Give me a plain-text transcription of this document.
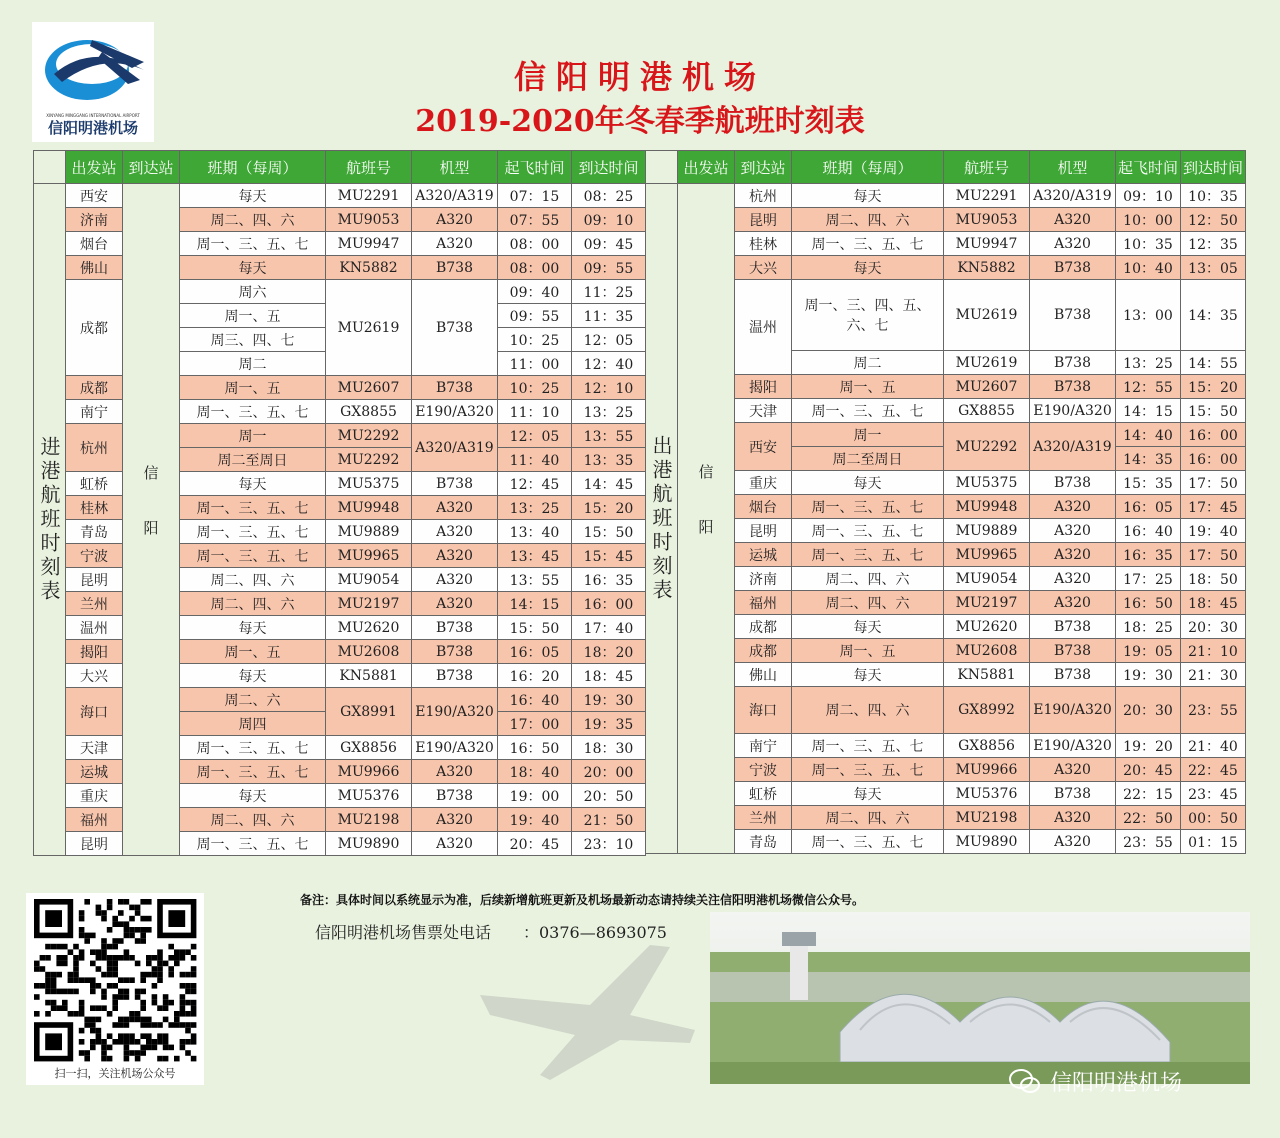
XINYANG MINGGANG INTERNATIONAL AIRPORT
信阳明港机场
信阳明港机场
2019-2020年冬春季航班时刻表
	出发站	到达站	班期（每周）	航班号	机型	起飞时间	到达时间
进港航班时刻表	西安	信阳	每天	MU2291	A320/A319	07：15	08：25
	济南		周二、四、六	MU9053	A320	07：55	09：10
	烟台		周一、三、五、七	MU9947	A320	08：00	09：45
	佛山		每天	KN5882	B738	08：00	09：55
	成都		周六	MU2619	B738	09：40	11：25
			周一、五			09：55	11：35
			周三、四、七			10：25	12：05
			周二			11：00	12：40
	成都		周一、五	MU2607	B738	10：25	12：10
	南宁		周一、三、五、七	GX8855	E190/A320	11：10	13：25
	杭州		周一	MU2292	A320/A319	12：05	13：55
			周二至周日	MU2292		11：40	13：35
	虹桥		每天	MU5375	B738	12：45	14：45
	桂林		周一、三、五、七	MU9948	A320	13：25	15：20
	青岛		周一、三、五、七	MU9889	A320	13：40	15：50
	宁波		周一、三、五、七	MU9965	A320	13：45	15：45
	昆明		周二、四、六	MU9054	A320	13：55	16：35
	兰州		周二、四、六	MU2197	A320	14：15	16：00
	温州		每天	MU2620	B738	15：50	17：40
	揭阳		周一、五	MU2608	B738	16：05	18：20
	大兴		每天	KN5881	B738	16：20	18：45
	海口		周二、六	GX8991	E190/A320	16：40	19：30
			周四			17：00	19：35
	天津		周一、三、五、七	GX8856	E190/A320	16：50	18：30
	运城		周一、三、五、七	MU9966	A320	18：40	20：00
	重庆		每天	MU5376	B738	19：00	20：50
	福州		周二、四、六	MU2198	A320	19：40	21：50
	昆明		周一、三、五、七	MU9890	A320	20：45	23：10
	出发站	到达站	班期（每周）	航班号	机型	起飞时间	到达时间
出港航班时刻表	信阳	杭州	每天	MU2291	A320/A319	09：10	10：35
		昆明	周二、四、六	MU9053	A320	10：00	12：50
		桂林	周一、三、五、七	MU9947	A320	10：35	12：35
		大兴	每天	KN5882	B738	10：40	13：05
		温州	周一、三、四、五、六、七	MU2619	B738	13：00	14：35
			周二	MU2619	B738	13：25	14：55
		揭阳	周一、五	MU2607	B738	12：55	15：20
		天津	周一、三、五、七	GX8855	E190/A320	14：15	15：50
		西安	周一	MU2292	A320/A319	14：40	16：00
			周二至周日			14：35	16：00
		重庆	每天	MU5375	B738	15：35	17：50
		烟台	周一、三、五、七	MU9948	A320	16：05	17：45
		昆明	周一、三、五、七	MU9889	A320	16：40	19：40
		运城	周一、三、五、七	MU9965	A320	16：35	17：50
		济南	周二、四、六	MU9054	A320	17：25	18：50
		福州	周二、四、六	MU2197	A320	16：50	18：45
		成都	每天	MU2620	B738	18：25	20：30
		成都	周一、五	MU2608	B738	19：05	21：10
		佛山	每天	KN5881	B738	19：30	21：30
		海口	周二、四、六	GX8992	E190/A320	20：30	23：55
		南宁	周一、三、五、七	GX8856	E190/A320	19：20	21：40
		宁波	周一、三、五、七	MU9966	A320	20：45	22：45
		虹桥	每天	MU5376	B738	22：15	23：45
		兰州	周二、四、六	MU2198	A320	22：50	00：50
		青岛	周一、三、五、七	MU9890	A320	23：55	01：15
备注：具体时间以系统显示为准，后续新增航班更新及机场最新动态请持续关注信阳明港机场微信公众号。
信阳明港机场售票处电话　　：0376—8693075
扫一扫，关注机场公众号	信阳明港机场
